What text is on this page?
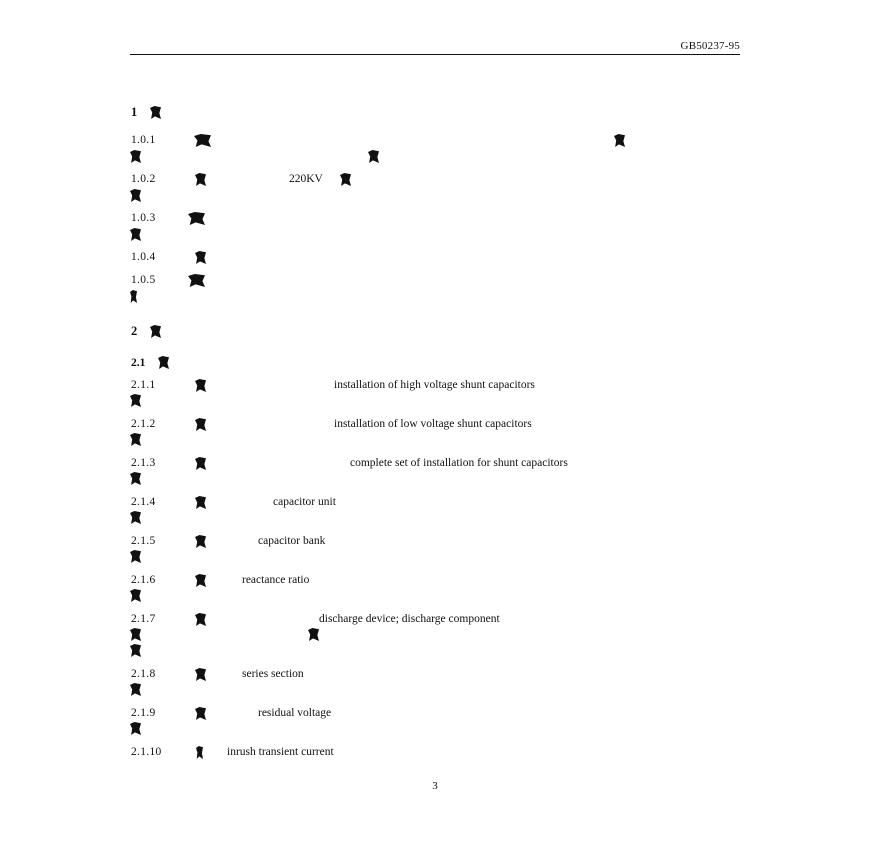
GB50237-95
1
1.0.1
1.0.2	220KV
1.0.3
1.0.4
1.0.5
2
2.1
2.1.1	installation of high voltage shunt capacitors
2.1.2	installation of low voltage shunt capacitors
2.1.3	complete set of installation for shunt capacitors
2.1.4	capacitor unit
2.1.5	capacitor bank
2.1.6	reactance ratio
2.1.7	discharge device; discharge component
2.1.8	series section
2.1.9	residual voltage
2.1.10	inrush transient current
3
